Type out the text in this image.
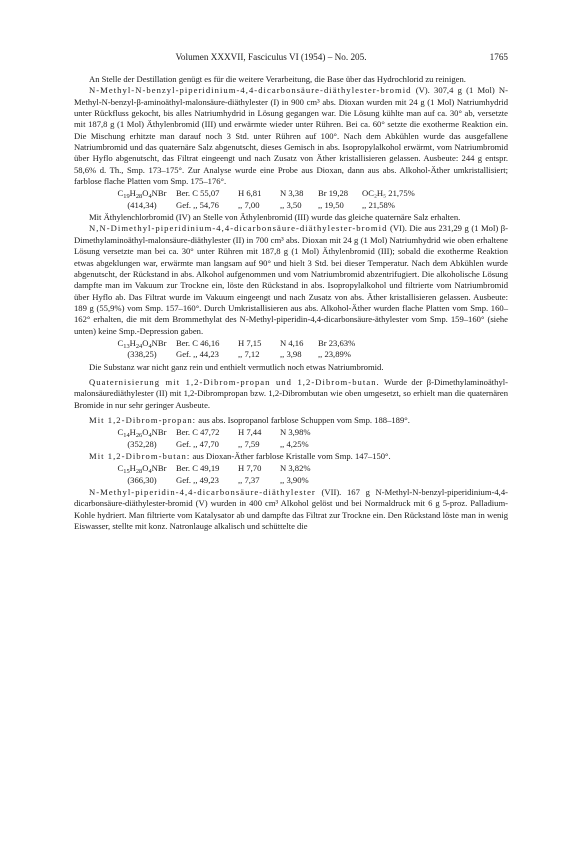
Volumen XXXVII, Fasciculus VI (1954) – No. 205.	1765

An Stelle der Destillation genügt es für die weitere Verarbeitung, die Base über das Hydrochlorid zu reinigen.

N-Methyl-N-benzyl-piperidinium-4,4-dicarbonsäure-diäthylester-bromid (V). 307,4 g (1 Mol) N-Methyl-N-benzyl-β-aminoäthyl-malonsäure-diäthylester (I) in 900 cm³ abs. Dioxan wurden mit 24 g (1 Mol) Natriumhydrid unter Rückfluss gekocht, bis alles Natriumhydrid in Lösung gegangen war. Die Lösung kühlte man auf ca. 30° ab, versetzte mit 187,8 g (1 Mol) Äthylenbromid (III) und erwärmte wieder unter Rühren. Bei ca. 60° setzte die exotherme Reaktion ein. Die Mischung erhitzte man darauf noch 3 Std. unter Rühren auf 100°. Nach dem Abkühlen wurde das ausgefallene Natriumbromid und das quaternäre Salz abgenutscht, dieses Gemisch in abs. Isopropylalkohol erwärmt, vom Natriumbromid über Hyflo abgenutscht, das Filtrat eingeengt und nach Zusatz von Äther kristallisieren gelassen. Ausbeute: 244 g entspr. 58,6% d. Th., Smp. 173–175°. Zur Analyse wurde eine Probe aus Dioxan, dann aus abs. Alkohol-Äther umkristallisiert; farblose flache Platten vom Smp. 175–176°.

$C_{19}H_{28}O_4NBr$
(414,34)
Ber. C 55,07	H 6,81	N 3,38	Br 19,28	OC₂H₅ 21,75%
Gef. ,, 54,76	,, 7,00	,, 3,50	,, 19,50	,, 21,58%

Mit Äthylenchlorbromid (IV) an Stelle von Äthylenbromid (III) wurde das gleiche quaternäre Salz erhalten.

N,N-Dimethyl-piperidinium-4,4-dicarbonsäure-diäthylester-bromid (VI). Die aus 231,29 g (1 Mol) β-Dimethylaminoäthyl-malonsäure-diäthylester (II) in 700 cm³ abs. Dioxan mit 24 g (1 Mol) Natriumhydrid wie oben erhaltene Lösung versetzte man bei ca. 30° unter Rühren mit 187,8 g (1 Mol) Äthylenbromid (III); sobald die exotherme Reaktion etwas abgeklungen war, erwärmte man langsam auf 90° und hielt 3 Std. bei dieser Temperatur. Nach dem Abkühlen wurde abgenutscht, der Rückstand in abs. Alkohol aufgenommen und vom Natriumbromid abzentrifugiert. Die alkoholische Lösung dampfte man im Vakuum zur Trockne ein, löste den Rückstand in abs. Isopropylalkohol und filtrierte vom Natriumbromid über Hyflo ab. Das Filtrat wurde im Vakuum eingeengt und nach Zusatz von abs. Äther kristallisieren gelassen. Ausbeute: 189 g (55,9%) vom Smp. 157–160°. Durch Umkristallisieren aus abs. Alkohol-Äther wurden flache Platten vom Smp. 160–162° erhalten, die mit dem Brommethylat des N-Methyl-piperidin-4,4-dicarbonsäure-äthylester vom Smp. 159–160° (siehe unten) keine Smp.-Depression gaben.

$C_{13}H_{24}O_4NBr$
(338,25)
Ber. C 46,16	H 7,15	N 4,16	Br 23,63%
Gef. ,, 44,23	,, 7,12	,, 3,98	,, 23,89%

Die Substanz war nicht ganz rein und enthielt vermutlich noch etwas Natriumbromid.

Quaternisierung mit 1,2-Dibrom-propan und 1,2-Dibrom-butan. Wurde der β-Dimethylaminoäthyl-malonsäurediäthylester (II) mit 1,2-Dibrompropan bzw. 1,2-Dibrombutan wie oben umgesetzt, so erhielt man die quaternären Bromide in nur sehr geringer Ausbeute.

Mit 1,2-Dibrom-propan: aus abs. Isopropanol farblose Schuppen vom Smp. 188–189°.

$C_{14}H_{26}O_4NBr$
(352,28)
Ber. C 47,72	H 7,44	N 3,98%
Gef. ,, 47,70	,, 7,59	,, 4,25%

Mit 1,2-Dibrom-butan: aus Dioxan-Äther farblose Kristalle vom Smp. 147–150°.

$C_{15}H_{28}O_4NBr$
(366,30)
Ber. C 49,19	H 7,70	N 3,82%
Gef. ,, 49,23	,, 7,37	,, 3,90%

N-Methyl-piperidin-4,4-dicarbonsäure-diäthylester (VII). 167 g N-Methyl-N-benzyl-piperidinium-4,4-dicarbonsäure-diäthylester-bromid (V) wurden in 400 cm³ Alkohol gelöst und bei Normaldruck mit 6 g 5-proz. Palladium-Kohle hydriert. Man filtrierte vom Katalysator ab und dampfte das Filtrat zur Trockne ein. Den Rückstand löste man in wenig Eiswasser, stellte mit konz. Natronlauge alkalisch und schüttelte die
